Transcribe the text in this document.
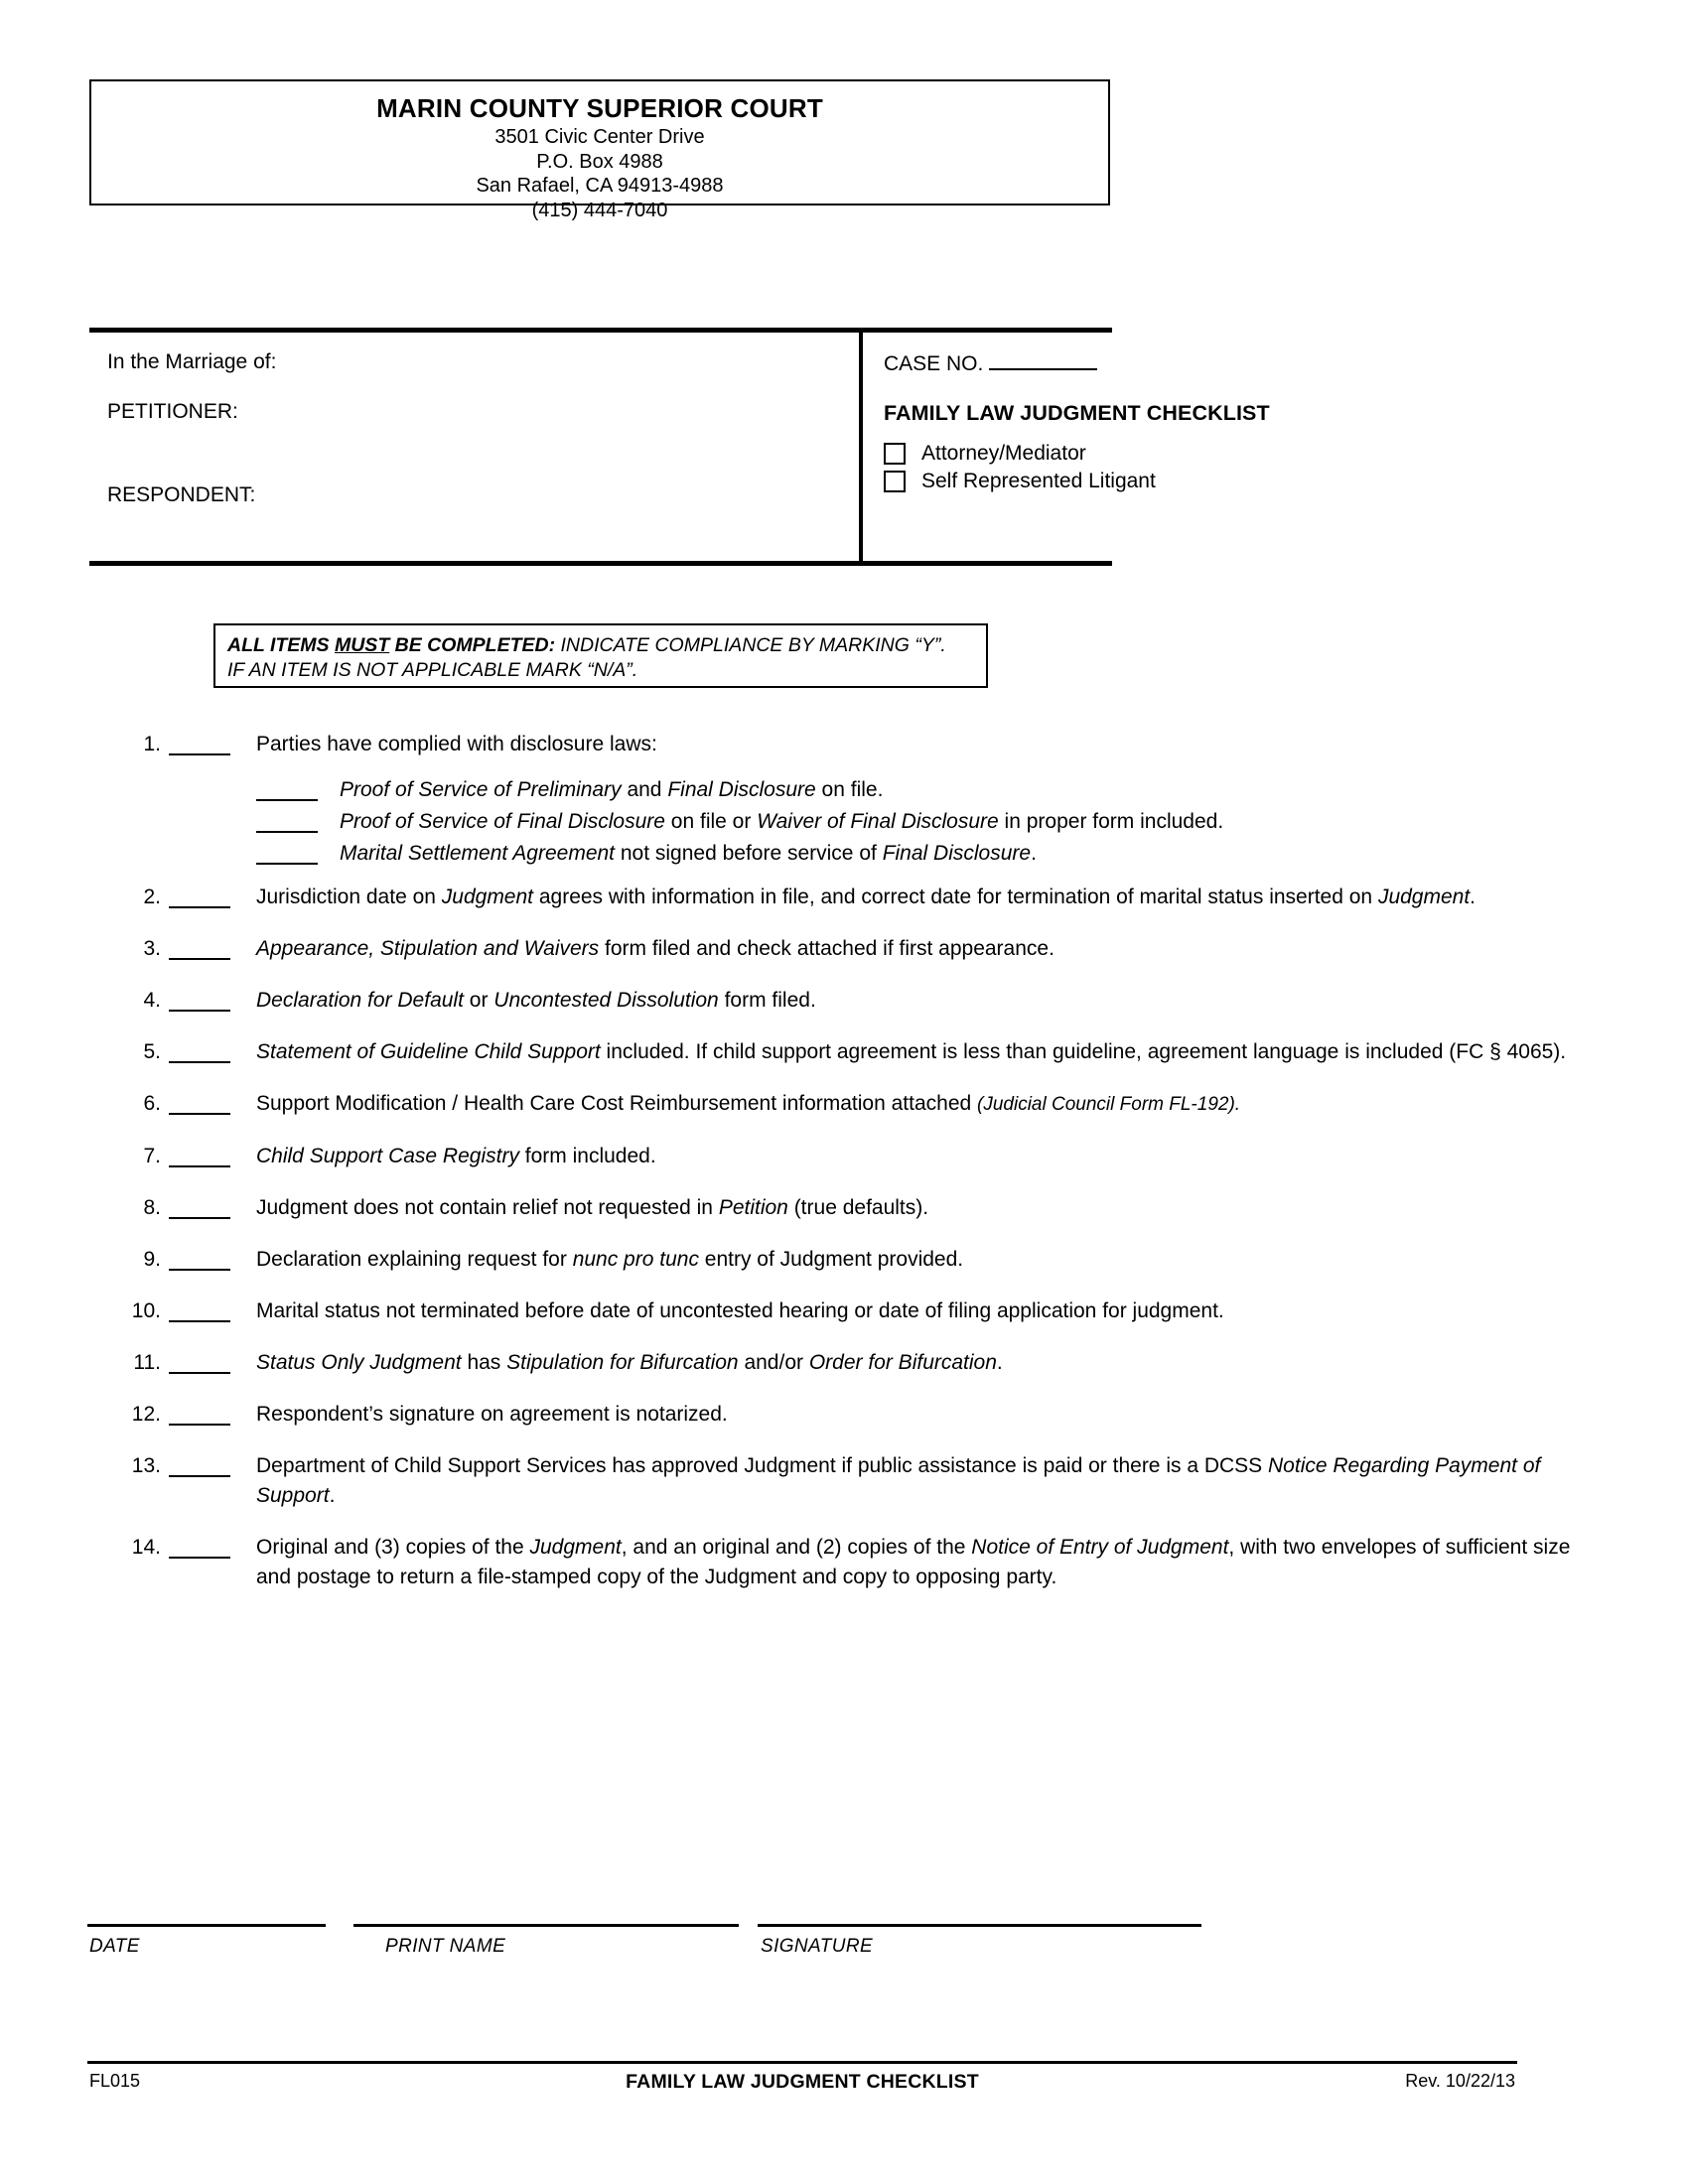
MARIN COUNTY SUPERIOR COURT
3501 Civic Center Drive
P.O. Box 4988
San Rafael, CA 94913-4988
(415) 444-7040
In the Marriage of:
PETITIONER:
RESPONDENT:
CASE NO.
FAMILY LAW JUDGMENT CHECKLIST
Attorney/Mediator
Self Represented Litigant
ALL ITEMS MUST BE COMPLETED: INDICATE COMPLIANCE BY MARKING “Y”.
IF AN ITEM IS NOT APPLICABLE MARK “N/A”.
1.	Parties have complied with disclosure laws:
Proof of Service of Preliminary and Final Disclosure on file.
Proof of Service of Final Disclosure on file or Waiver of Final Disclosure in proper form included.
Marital Settlement Agreement not signed before service of Final Disclosure.
2.	Jurisdiction date on Judgment agrees with information in file, and correct date for termination of marital status inserted on Judgment.
3.	Appearance, Stipulation and Waivers form filed and check attached if first appearance.
4.	Declaration for Default or Uncontested Dissolution form filed.
5.	Statement of Guideline Child Support included. If child support agreement is less than guideline, agreement language is included (FC § 4065).
6.	Support Modification / Health Care Cost Reimbursement information attached (Judicial Council Form FL-192).
7.	Child Support Case Registry form included.
8.	Judgment does not contain relief not requested in Petition (true defaults).
9.	Declaration explaining request for nunc pro tunc entry of Judgment provided.
10.	Marital status not terminated before date of uncontested hearing or date of filing application for judgment.
11.	Status Only Judgment has Stipulation for Bifurcation and/or Order for Bifurcation.
12.	Respondent’s signature on agreement is notarized.
13.	Department of Child Support Services has approved Judgment if public assistance is paid or there is a DCSS Notice Regarding Payment of Support.
14.	Original and (3) copies of the Judgment, and an original and (2) copies of the Notice of Entry of Judgment, with two envelopes of sufficient size and postage to return a file-stamped copy of the Judgment and copy to opposing party.
DATE	PRINT NAME	SIGNATURE
FL015	FAMILY LAW JUDGMENT CHECKLIST	Rev. 10/22/13
